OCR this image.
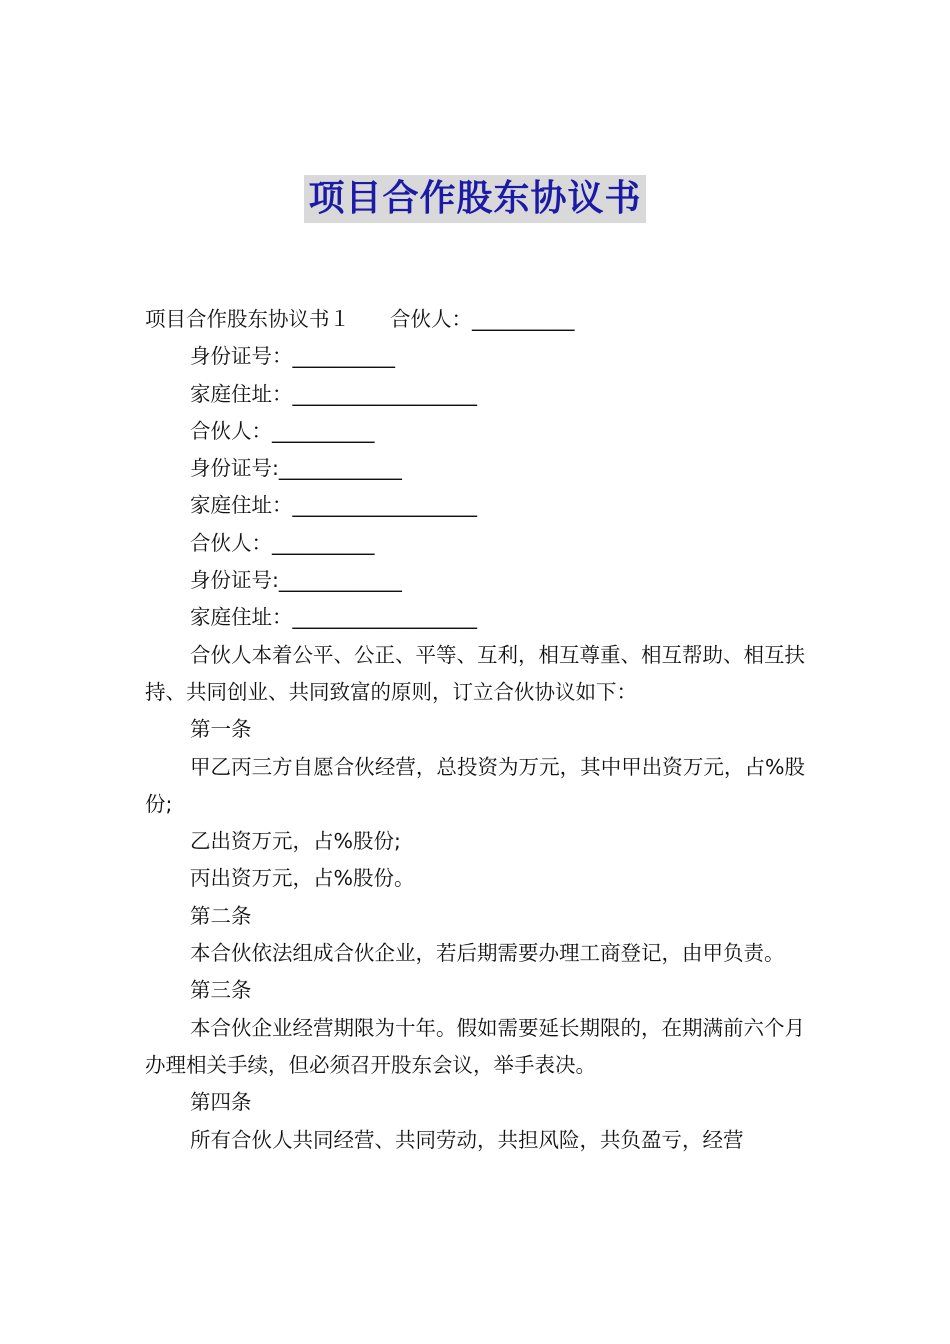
项目合作股东协议书
项目合作股东协议书１ 合伙人：__________
身份证号：__________
家庭住址：__________________
合伙人：__________
身份证号:____________
家庭住址：__________________
合伙人：__________
身份证号:____________
家庭住址：__________________
合伙人本着公平、公正、平等、互利，相互尊重、相互帮助、相互扶持、共同创业、共同致富的原则，订立合伙协议如下：
第一条
甲乙丙三方自愿合伙经营，总投资为万元，其中甲出资万元，占%股份;
乙出资万元，占%股份;
丙出资万元，占%股份。
第二条
本合伙依法组成合伙企业，若后期需要办理工商登记，由甲负责。
第三条
本合伙企业经营期限为十年。假如需要延长期限的，在期满前六个月办理相关手续，但必须召开股东会议，举手表决。
第四条
所有合伙人共同经营、共同劳动，共担风险，共负盈亏，经营
